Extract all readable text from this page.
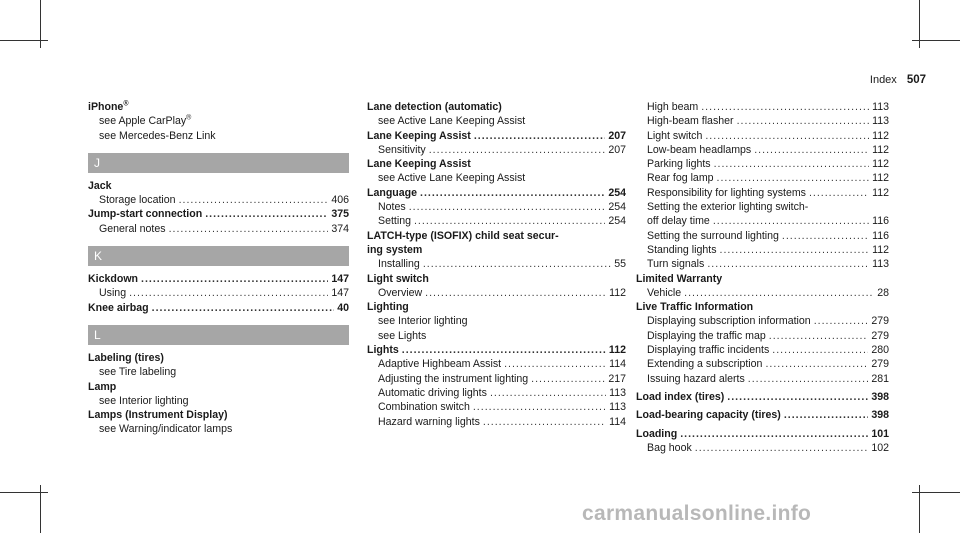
Index 507
iPhone®
see Apple CarPlay®
see Mercedes-Benz Link
J
Jack
Storage location .....	406
Jump-start connection .....	375
General notes .....	374
K
Kickdown .....	147
Using .....	147
Knee airbag .....	40
L
Labeling (tires)
see Tire labeling
Lamp
see Interior lighting
Lamps (Instrument Display)
see Warning/indicator lamps
Lane detection (automatic)
see Active Lane Keeping Assist
Lane Keeping Assist .....	207
Sensitivity .....	207
Lane Keeping Assist
see Active Lane Keeping Assist
Language .....	254
Notes .....	254
Setting .....	254
LATCH-type (ISOFIX) child seat secur-
ing system
Installing .....	55
Light switch
Overview .....	112
Lighting
see Interior lighting
see Lights
Lights .....	112
Adaptive Highbeam Assist .....	114
Adjusting the instrument lighting .....	217
Automatic driving lights .....	113
Combination switch .....	113
Hazard warning lights .....	114
High beam .....	113
High-beam flasher .....	113
Light switch .....	112
Low-beam headlamps .....	112
Parking lights .....	112
Rear fog lamp .....	112
Responsibility for lighting systems .....	112
Setting the exterior lighting switch-
off delay time .....	116
Setting the surround lighting .....	116
Standing lights .....	112
Turn signals .....	113
Limited Warranty
Vehicle .....	28
Live Traffic Information
Displaying subscription information .....	279
Displaying the traffic map .....	279
Displaying traffic incidents .....	280
Extending a subscription .....	279
Issuing hazard alerts .....	281
Load index (tires) .....	398
Load-bearing capacity (tires) .....	398
Loading .....	101
Bag hook .....	102
carmanualsonline.info
